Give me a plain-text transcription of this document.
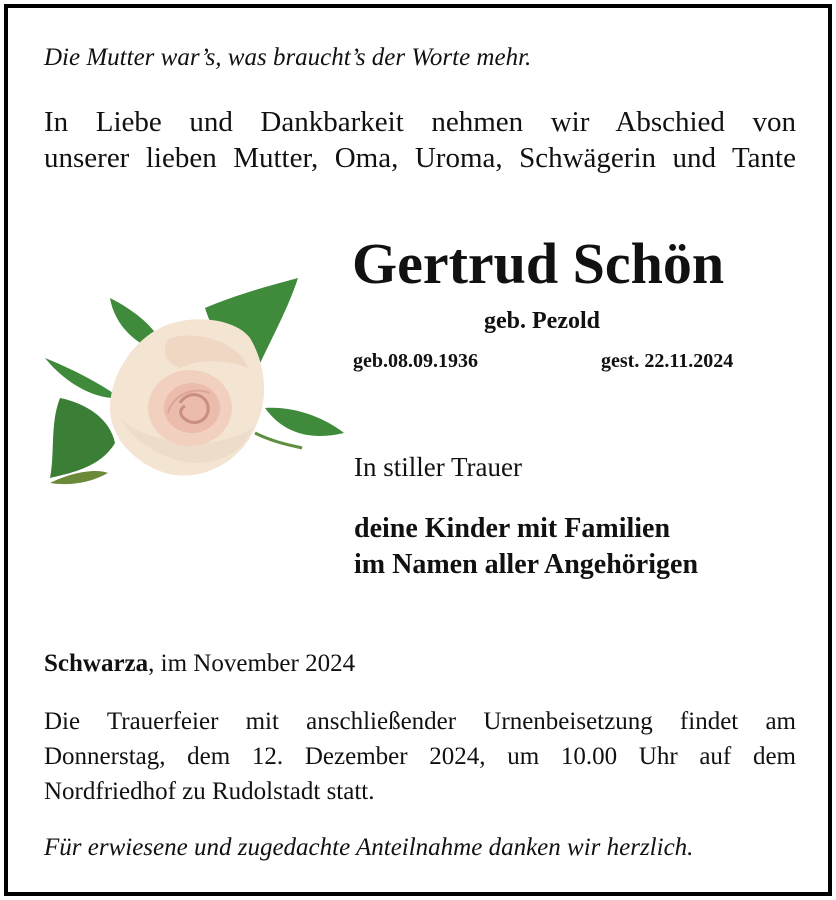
Die Mutter war’s, was braucht’s der Worte mehr.
In Liebe und Dankbarkeit nehmen wir Abschied von
unserer lieben Mutter, Oma, Uroma, Schwägerin und Tante
Gertrud Schön
geb. Pezold
geb.08.09.1936	gest. 22.11.2024
In stiller Trauer
deine Kinder mit Familien
im Namen aller Angehörigen
Schwarza, im November 2024
Die Trauerfeier mit anschließender Urnenbeisetzung findet am
Donnerstag, dem 12. Dezember 2024, um 10.00 Uhr auf dem
Nordfriedhof zu Rudolstadt statt.
Für erwiesene und zugedachte Anteilnahme danken wir herzlich.
